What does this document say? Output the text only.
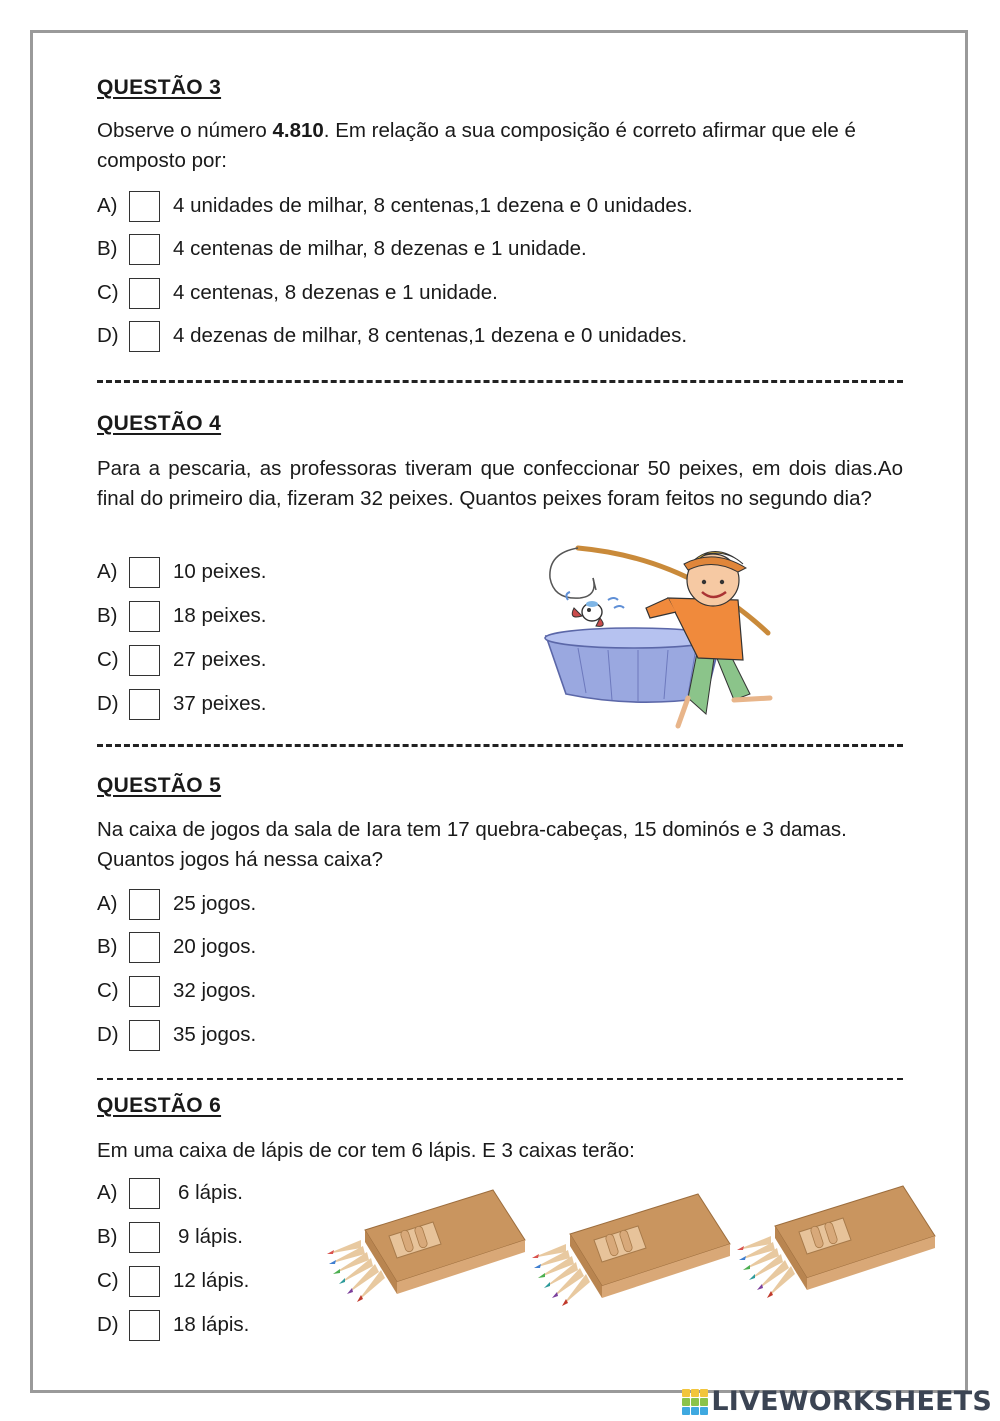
QUESTÃO 3
Observe o número 4.810. Em relação a sua composição é correto afirmar que ele é composto por:
A)	4 unidades de milhar, 8 centenas,1 dezena e 0 unidades.
B)	4 centenas de milhar, 8 dezenas e 1 unidade.
C)	4 centenas, 8 dezenas e 1 unidade.
D)	4 dezenas de milhar, 8 centenas,1 dezena e 0 unidades.
QUESTÃO 4
Para a pescaria, as professoras tiveram que confeccionar 50 peixes, em dois dias.Ao final do primeiro dia, fizeram 32 peixes. Quantos peixes foram feitos no segundo dia?
A)	10 peixes.
B)	18 peixes.
C)	27 peixes.
D)	37 peixes.
QUESTÃO 5
Na caixa de jogos da sala de Iara tem 17 quebra-cabeças, 15 dominós e 3 damas. Quantos jogos há nessa caixa?
A)	25 jogos.
B)	20 jogos.
C)	32 jogos.
D)	35 jogos.
QUESTÃO 6
Em uma caixa de lápis de cor tem 6 lápis. E 3 caixas terão:
A)	6 lápis.
B)	9 lápis.
C)	12 lápis.
D)	18 lápis.
LIVEWORKSHEETS
